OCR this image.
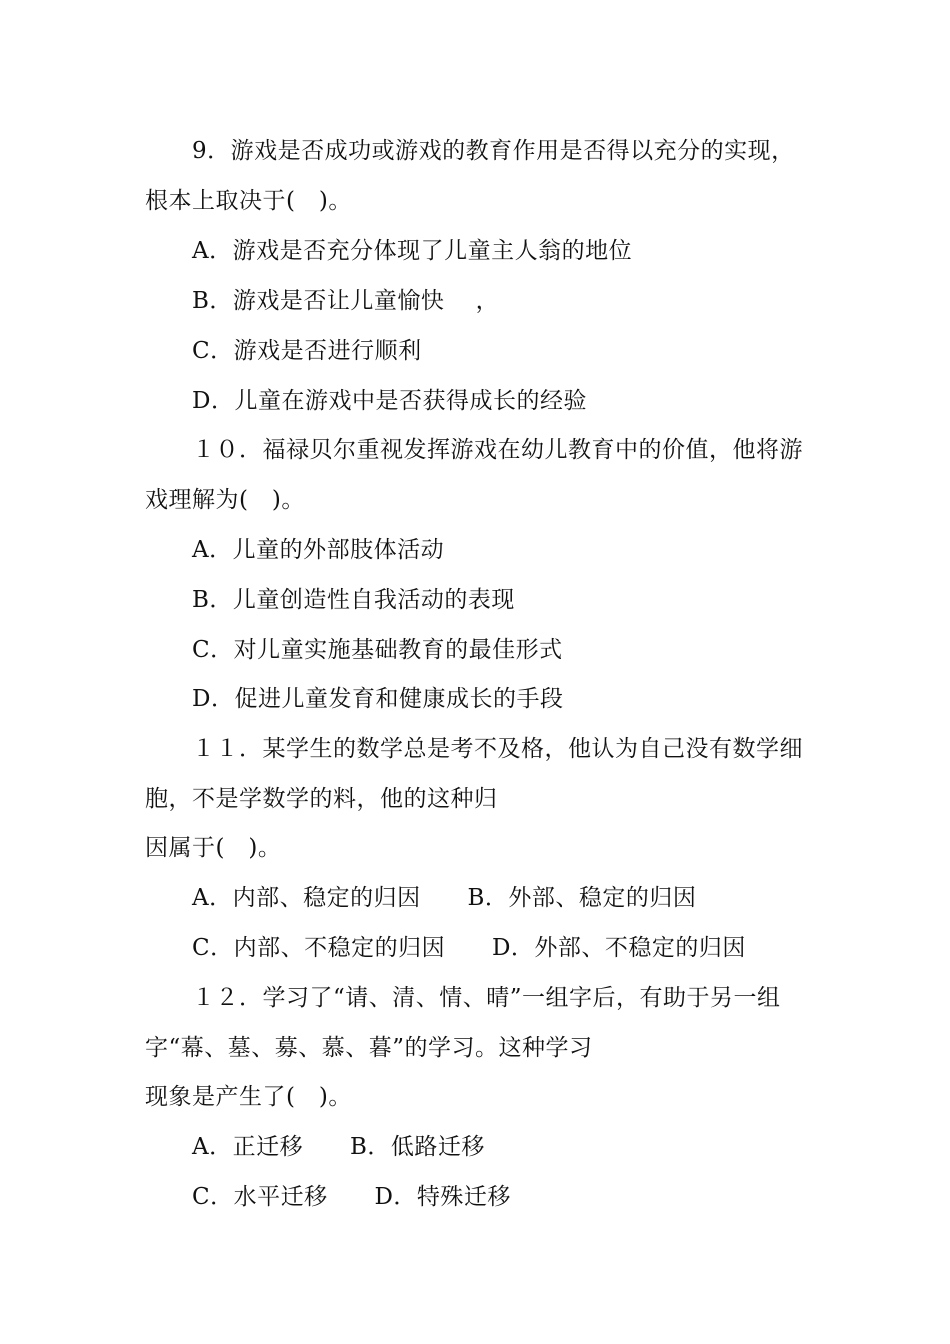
9．游戏是否成功或游戏的教育作用是否得以充分的实现，
根本上取决于(   )。
A．游戏是否充分体现了儿童主人翁的地位
B．游戏是否让儿童愉快    ，
C．游戏是否进行顺利
D．儿童在游戏中是否获得成长的经验
１０．福禄贝尔重视发挥游戏在幼儿教育中的价值，他将游
戏理解为(   )。
A．儿童的外部肢体活动
B．儿童创造性自我活动的表现
C．对儿童实施基础教育的最佳形式
D．促进儿童发育和健康成长的手段
１１．某学生的数学总是考不及格，他认为自己没有数学细
胞，不是学数学的料，他的这种归
因属于(   )。
A．内部、稳定的归因      B．外部、稳定的归因
C．内部、不稳定的归因      D．外部、不稳定的归因
１２．学习了“请、清、情、晴”一组字后，有助于另一组
字“幕、墓、募、慕、暮”的学习。这种学习
现象是产生了(   )。
A．正迁移      B．低路迁移
C．水平迁移      D．特殊迁移
